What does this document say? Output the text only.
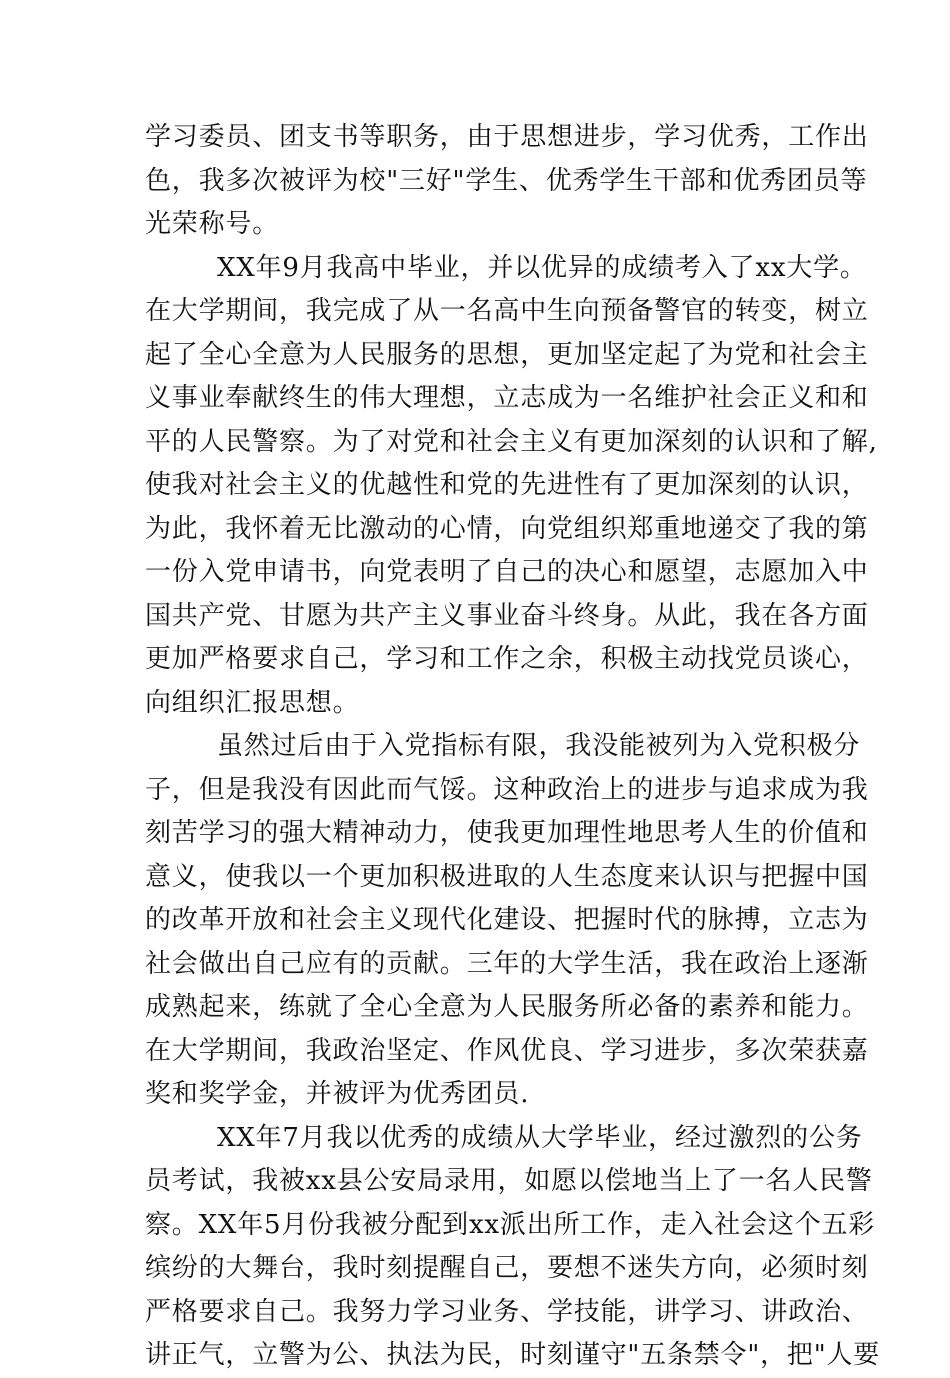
学习委员、团支书等职务，由于思想进步，学习优秀，工作出
色，我多次被评为校"三好"学生、优秀学生干部和优秀团员等
光荣称号。
XX年9月我高中毕业，并以优异的成绩考入了xx大学。
在大学期间，我完成了从一名高中生向预备警官的转变，树立
起了全心全意为人民服务的思想，更加坚定起了为党和社会主
义事业奉献终生的伟大理想，立志成为一名维护社会正义和和
平的人民警察。为了对党和社会主义有更加深刻的认识和了解,
使我对社会主义的优越性和党的先进性有了更加深刻的认识，
为此，我怀着无比激动的心情，向党组织郑重地递交了我的第
一份入党申请书，向党表明了自己的决心和愿望，志愿加入中
国共产党、甘愿为共产主义事业奋斗终身。从此，我在各方面
更加严格要求自己，学习和工作之余，积极主动找党员谈心，
向组织汇报思想。
虽然过后由于入党指标有限，我没能被列为入党积极分
子，但是我没有因此而气馁。这种政治上的进步与追求成为我
刻苦学习的强大精神动力，使我更加理性地思考人生的价值和
意义，使我以一个更加积极进取的人生态度来认识与把握中国
的改革开放和社会主义现代化建设、把握时代的脉搏，立志为
社会做出自己应有的贡献。三年的大学生活，我在政治上逐渐
成熟起来，练就了全心全意为人民服务所必备的素养和能力。
在大学期间，我政治坚定、作风优良、学习进步，多次荣获嘉
奖和奖学金，并被评为优秀团员.
XX年7月我以优秀的成绩从大学毕业，经过激烈的公务
员考试，我被xx县公安局录用，如愿以偿地当上了一名人民警
察。XX年5月份我被分配到xx派出所工作，走入社会这个五彩
缤纷的大舞台，我时刻提醒自己，要想不迷失方向，必须时刻
严格要求自己。我努力学习业务、学技能，讲学习、讲政治、
讲正气，立警为公、执法为民，时刻谨守"五条禁令"，把"人要
